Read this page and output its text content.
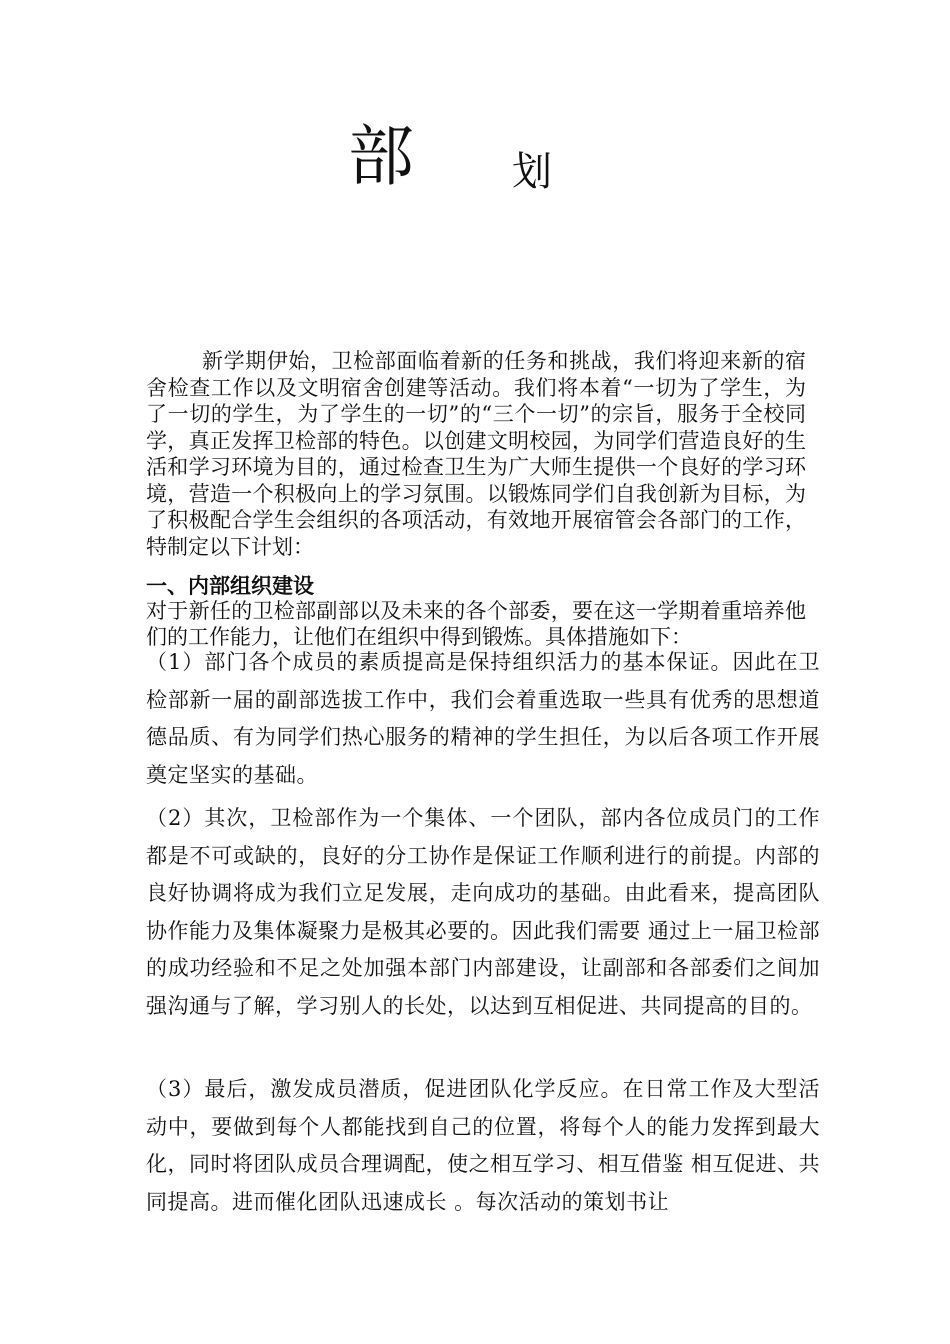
部 划

新学期伊始，卫检部面临着新的任务和挑战，我们将迎来新的宿舍检查工作以及文明宿舍创建等活动。我们将本着“一切为了学生，为了一切的学生，为了学生的一切”的“三个一切”的宗旨，服务于全校同学，真正发挥卫检部的特色。以创建文明校园，为同学们营造良好的生活和学习环境为目的，通过检查卫生为广大师生提供一个良好的学习环境，营造一个积极向上的学习氛围。以锻炼同学们自我创新为目标，为了积极配合学生会组织的各项活动，有效地开展宿管会各部门的工作，特制定以下计划：

一、内部组织建设

对于新任的卫检部副部以及未来的各个部委，要在这一学期着重培养他们的工作能力，让他们在组织中得到锻炼。具体措施如下：

（1）部门各个成员的素质提高是保持组织活力的基本保证。因此在卫检部新一届的副部选拔工作中，我们会着重选取一些具有优秀的思想道德品质、有为同学们热心服务的精神的学生担任，为以后各项工作开展奠定坚实的基础。

（2）其次，卫检部作为一个集体、一个团队，部内各位成员门的工作都是不可或缺的，良好的分工协作是保证工作顺利进行的前提。内部的良好协调将成为我们立足发展，走向成功的基础。由此看来，提高团队协作能力及集体凝聚力是极其必要的。因此我们需要 通过上一届卫检部的成功经验和不足之处加强本部门内部建设，让副部和各部委们之间加强沟通与了解，学习别人的长处，以达到互相促进、共同提高的目的。

（3）最后，激发成员潜质，促进团队化学反应。在日常工作及大型活动中，要做到每个人都能找到自己的位置，将每个人的能力发挥到最大化，同时将团队成员合理调配，使之相互学习、相互借鉴 相互促进、共同提高。进而催化团队迅速成长 。每次活动的策划书让
